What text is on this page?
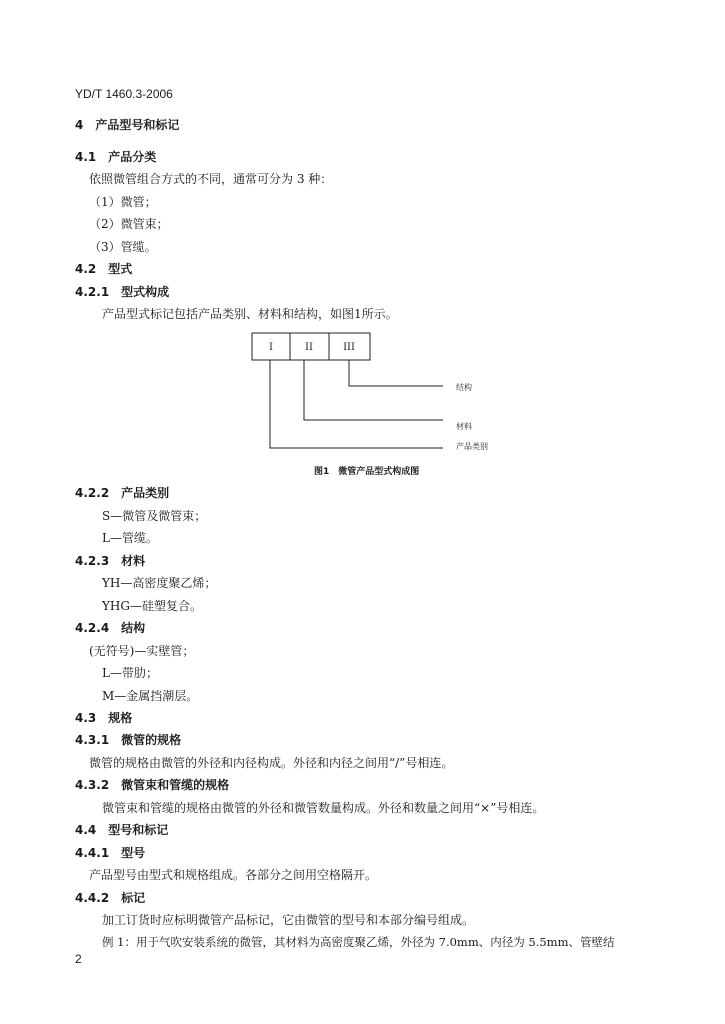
YD/T 1460.3-2006
4　产品型号和标记
4.1　产品分类
依照微管组合方式的不同，通常可分为 3 种：
（1）微管；
（2）微管束；
（3）管缆。
4.2　型式
4.2.1　型式构成
产品型式标记包括产品类别、材料和结构，如图1所示。
I	II	III
结构
材料
产品类别
图1　微管产品型式构成图
4.2.2　产品类别
S—微管及微管束；
L—管缆。
4.2.3　材料
YH—高密度聚乙烯；
YHG—硅塑复合。
4.2.4　结构
(无符号)—实壁管；
L—带肋；
M—金属挡潮层。
4.3　规格
4.3.1　微管的规格
微管的规格由微管的外径和内径构成。外径和内径之间用“/”号相连。
4.3.2　微管束和管缆的规格
微管束和管缆的规格由微管的外径和微管数量构成。外径和数量之间用“×”号相连。
4.4　型号和标记
4.4.1　型号
产品型号由型式和规格组成。各部分之间用空格隔开。
4.4.2　标记
加工订货时应标明微管产品标记，它由微管的型号和本部分编号组成。
例 1：用于气吹安装系统的微管，其材料为高密度聚乙烯，外径为 7.0mm、内径为 5.5mm、管壁结
2
